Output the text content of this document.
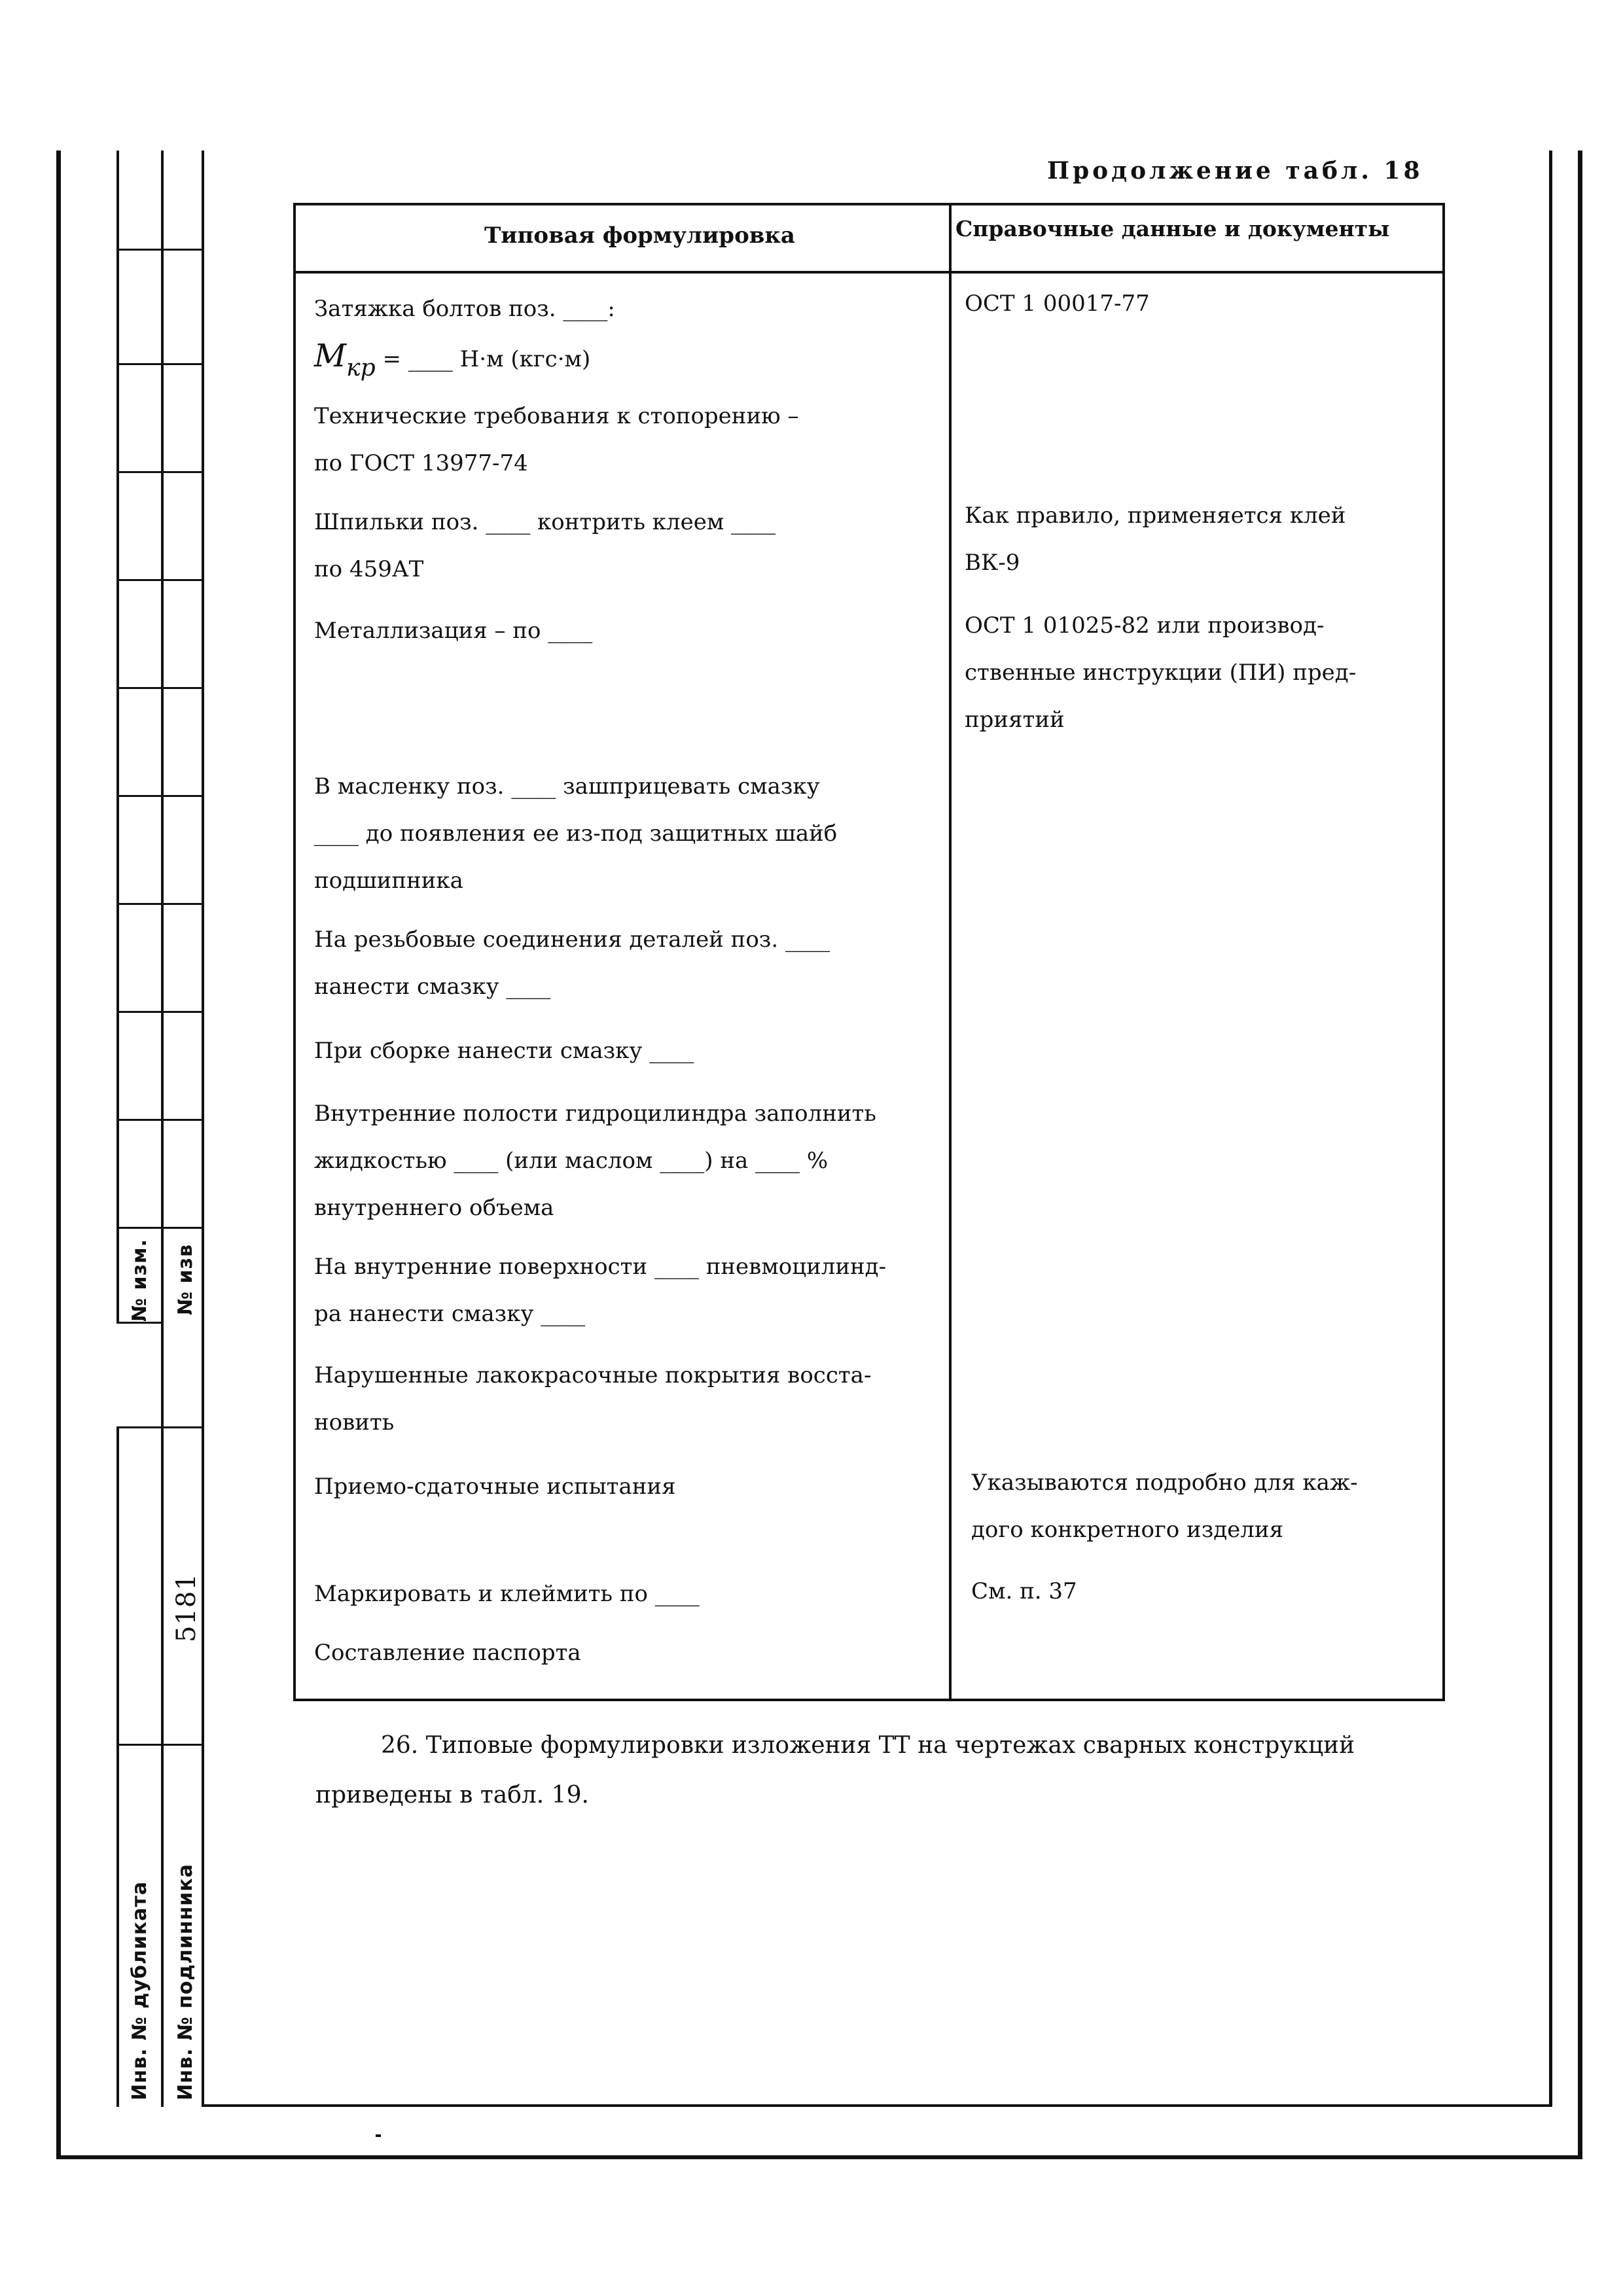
№ изм. № изв
5181
Инв. № дубликата Инв. № подлинника
Продолжение табл. 18
Типовая формулировка	Справочные данные и документы
Затяжка болтов поз. ____:
Mкр = ____ Н·м (кгс·м)
Технические требования к стопорению –
по ГОСТ 13977-74
Шпильки поз. ____ контрить клеем ____
по 459АТ
Металлизация – по ____
В масленку поз. ____ зашприцевать смазку
____ до появления ее из-под защитных шайб
подшипника
На резьбовые соединения деталей поз. ____
нанести смазку ____
При сборке нанести смазку ____
Внутренние полости гидроцилиндра заполнить
жидкостью ____ (или маслом ____) на ____ %
внутреннего объема
На внутренние поверхности ____ пневмоцилинд-
ра нанести смазку ____
Нарушенные лакокрасочные покрытия восста-
новить
Приемо-сдаточные испытания
Маркировать и клеймить по ____
Составление паспорта
ОСТ 1 00017-77
Как правило, применяется клей
ВК-9
ОСТ 1 01025-82 или производ-
ственные инструкции (ПИ) пред-
приятий
Указываются подробно для каж-
дого конкретного изделия
См. п. 37
26. Типовые формулировки изложения ТТ на чертежах сварных конструкций
приведены в табл. 19.
